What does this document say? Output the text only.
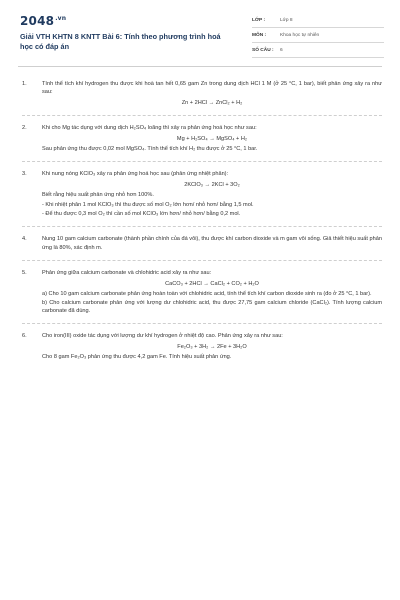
$2048^{.vn}$
Giải VTH KHTN 8 KNTT Bài 6: Tính theo phương trình hoá học có đáp án
LỚP :	Lớp 8
MÔN :	Khoa học tự nhiên
SỐ CÂU :	6
1.	Tính thể tích khí hydrogen thu được khi hoà tan hết 0,65 gam Zn trong dung dịch HCl 1 M (ở 25 °C, 1 bar), biết phản ứng xảy ra như sau:
Zn + 2HCl → ZnCl₂ + H₂
2.	Khi cho Mg tác dụng với dung dịch H₂SO₄ loãng thì xảy ra phản ứng hoá học như sau:
Mg + H₂SO₄ → MgSO₄ + H₂
Sau phản ứng thu được 0,02 mol MgSO₄. Tính thể tích khí H₂ thu được ở 25 °C, 1 bar.
3.	Khi nung nóng KClO₃ xảy ra phản ứng hoá học sau (phản ứng nhiệt phân):
2KClO₃ → 2KCl + 3O₂
Biết rằng hiệu suất phản ứng nhỏ hơn 100%.
- Khi nhiệt phân 1 mol KClO₃ thì thu được số mol O₂ lớn hơn/ nhỏ hơn/ bằng 1,5 mol.
- Để thu được 0,3 mol O₂ thì cần số mol KClO₃ lớn hơn/ nhỏ hơn/ bằng 0,2 mol.
4.	Nung 10 gam calcium carbonate (thành phần chính của đá vôi), thu được khí carbon dioxide và m gam vôi sống. Giả thiết hiệu suất phản ứng là 80%, xác định m.
5.	Phản ứng giữa calcium carbonate và chlohidric acid xảy ra như sau:
CaCO₃ + 2HCl → CaCl₂ + CO₂ + H₂O
a) Cho 10 gam calcium carbonate phản ứng hoàn toàn với chlohidric acid, tính thể tích khí carbon dioxide sinh ra (đo ở 25 °C, 1 bar).
b) Cho calcium carbonate phản ứng với lượng dư chlohidric acid, thu được 27,75 gam calcium chloride (CaCl₂). Tính lượng calcium carbonate đã dùng.
6.	Cho iron(III) oxide tác dụng với lượng dư khí hydrogen ở nhiệt độ cao. Phản ứng xảy ra như sau:
Fe₂O₃ + 3H₂ → 2Fe + 3H₂O
Cho 8 gam Fe₂O₃ phản ứng thu được 4,2 gam Fe. Tính hiệu suất phản ứng.
